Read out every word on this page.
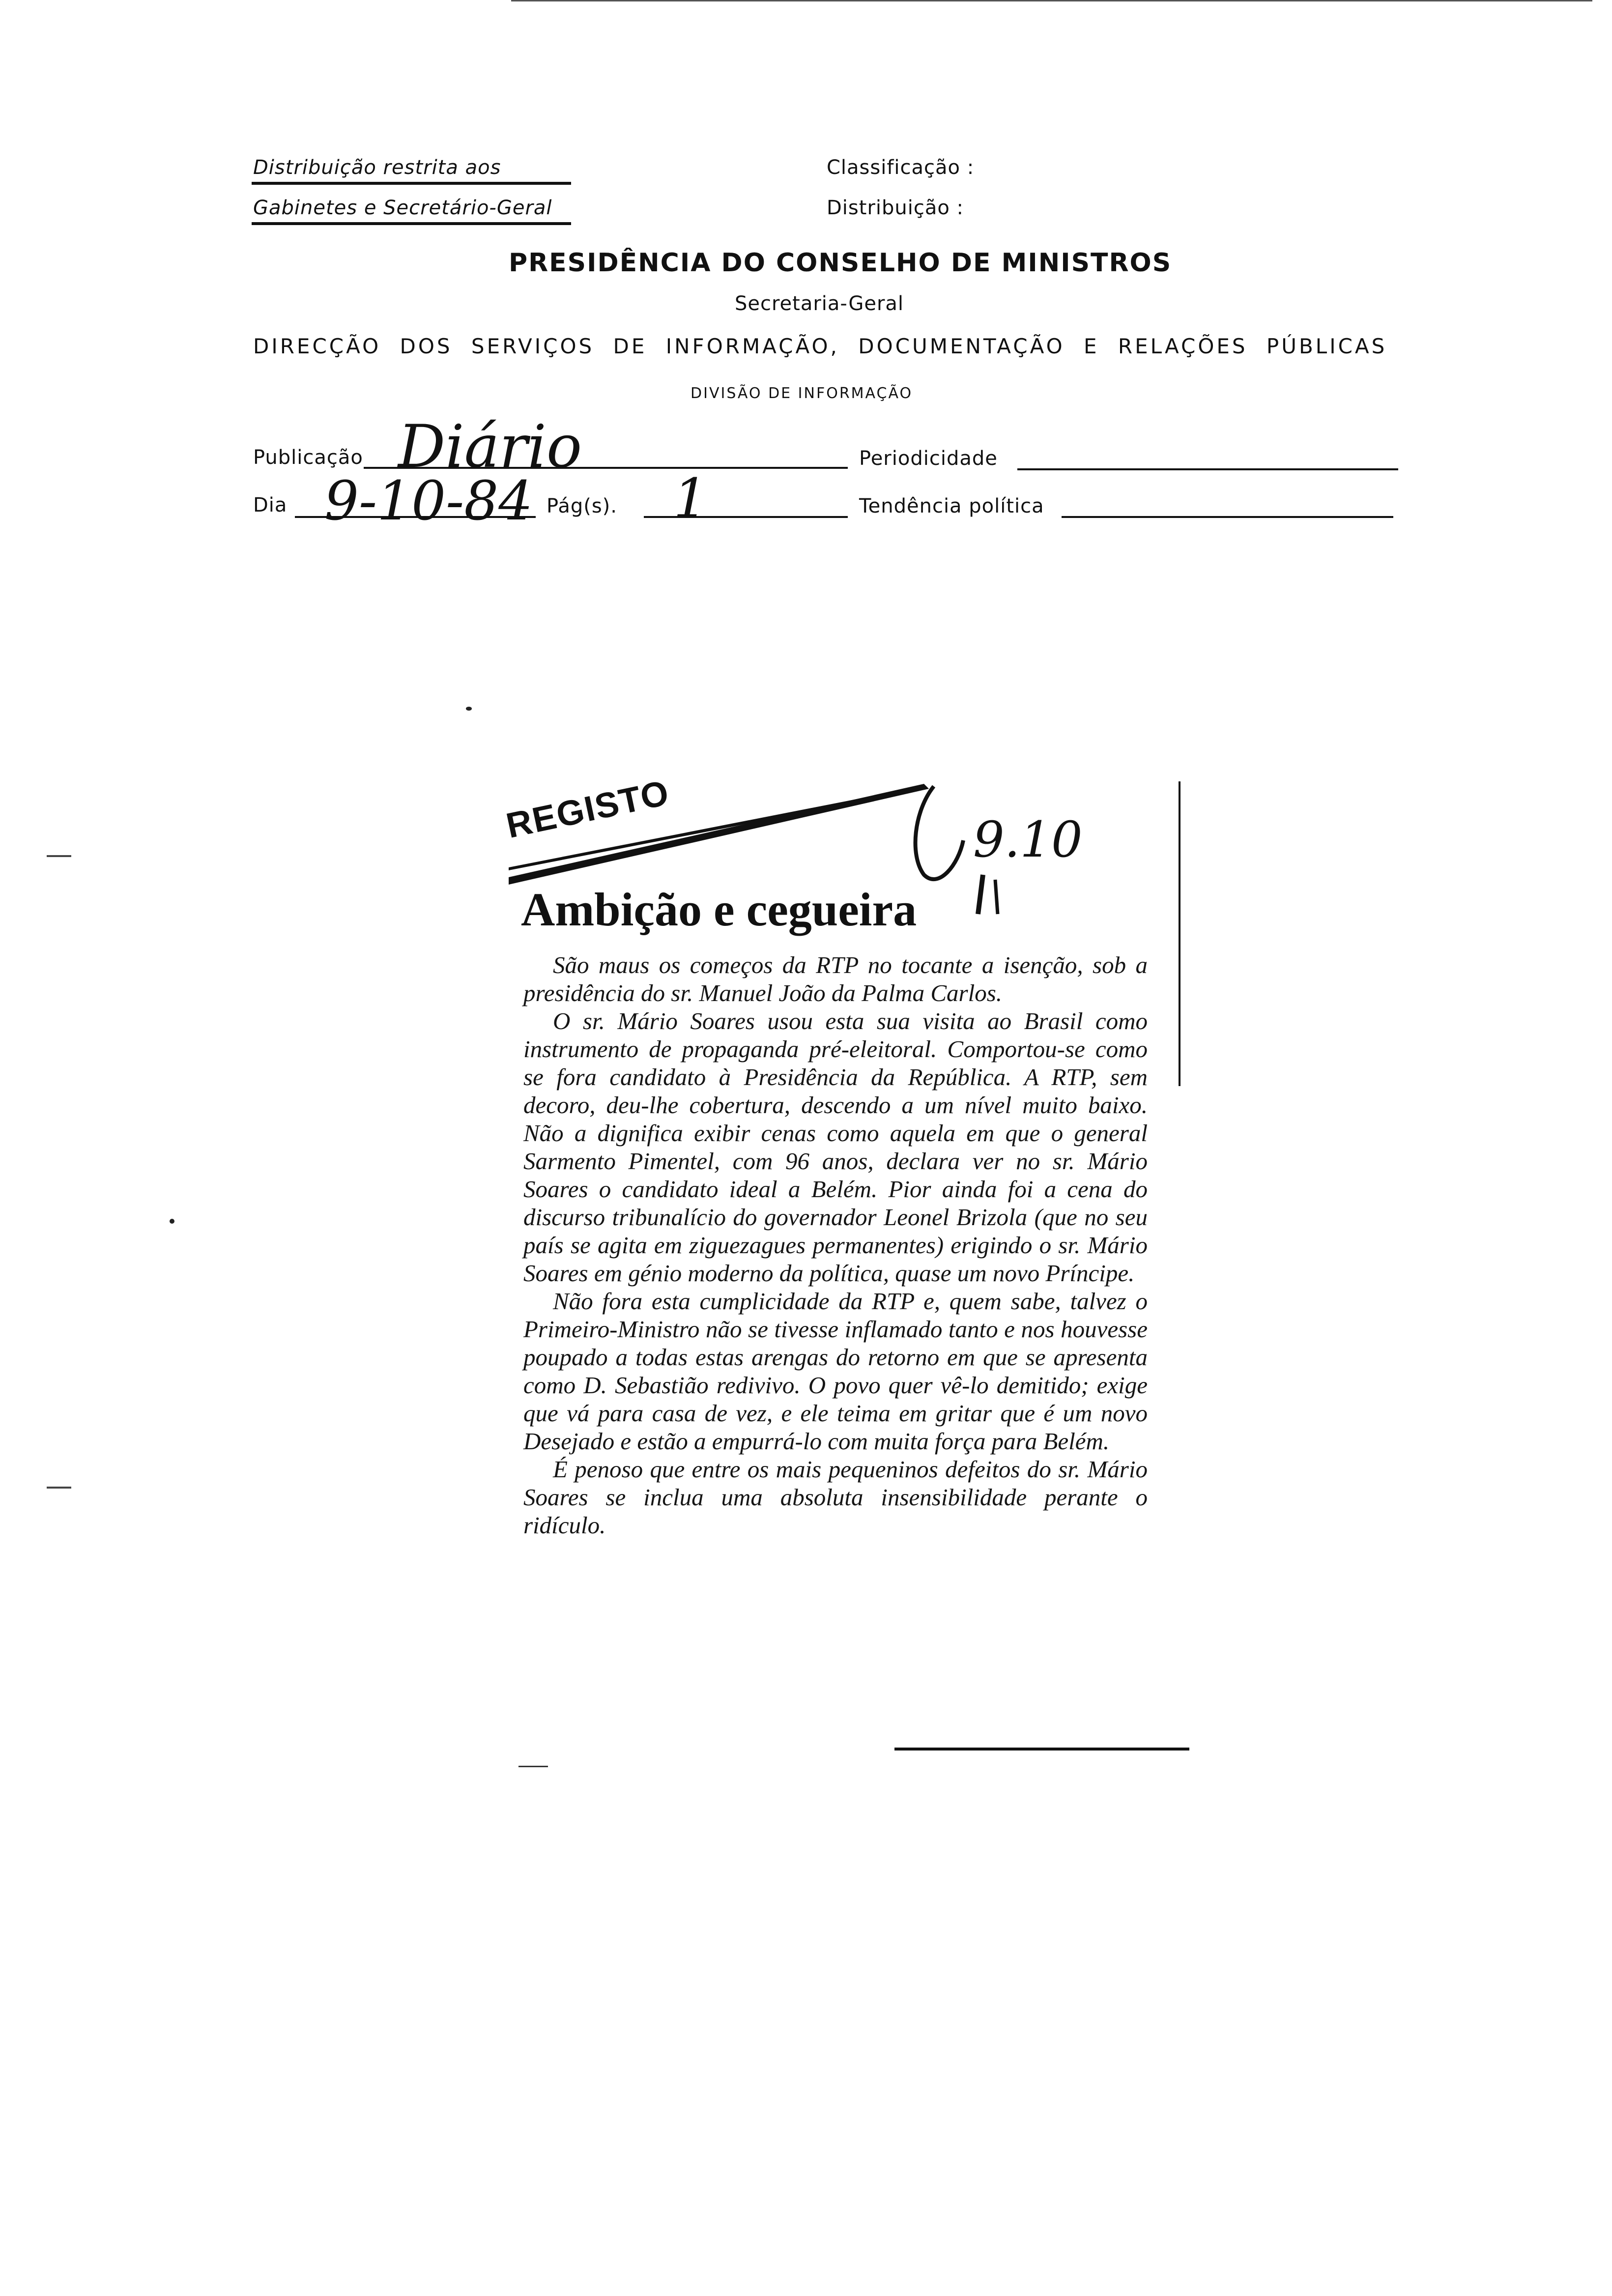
Distribuição restrita aos
Gabinetes e Secretário-Geral
Classificação :
Distribuição :
PRESIDÊNCIA DO CONSELHO DE MINISTROS
Secretaria-Geral
DIRECÇÃO DOS SERVIÇOS DE INFORMAÇÃO, DOCUMENTAÇÃO E RELAÇÕES PÚBLICAS
DIVISÃO DE INFORMAÇÃO
Publicação Diário	Periodicidade
Dia 9-10-84 Pág(s). 1	Tendência política
REGISTO	9.10
Ambição e cegueira

São maus os começos da RTP no tocante a isenção, sob a presidência do sr. Manuel João da Palma Carlos.

O sr. Mário Soares usou esta sua visita ao Brasil como instrumento de propaganda pré-eleitoral. Comportou-se como se fora candidato à Presidência da República. A RTP, sem decoro, deu-lhe cobertura, descendo a um nível muito baixo. Não a dignifica exibir cenas como aquela em que o general Sarmento Pimentel, com 96 anos, declara ver no sr. Mário Soares o candidato ideal a Belém. Pior ainda foi a cena do discurso tribunalício do governador Leonel Brizola (que no seu país se agita em ziguezagues permanentes) erigindo o sr. Mário Soares em génio moderno da política, quase um novo Príncipe.

Não fora esta cumplicidade da RTP e, quem sabe, talvez o Primeiro-Ministro não se tivesse inflamado tanto e nos houvesse poupado a todas estas arengas do retorno em que se apresenta como D. Sebastião redivivo. O povo quer vê-lo demitido; exige que vá para casa de vez, e ele teima em gritar que é um novo Desejado e estão a empurrá-lo com muita força para Belém.

É penoso que entre os mais pequeninos defeitos do sr. Mário Soares se inclua uma absoluta insensibilidade perante o ridículo.
